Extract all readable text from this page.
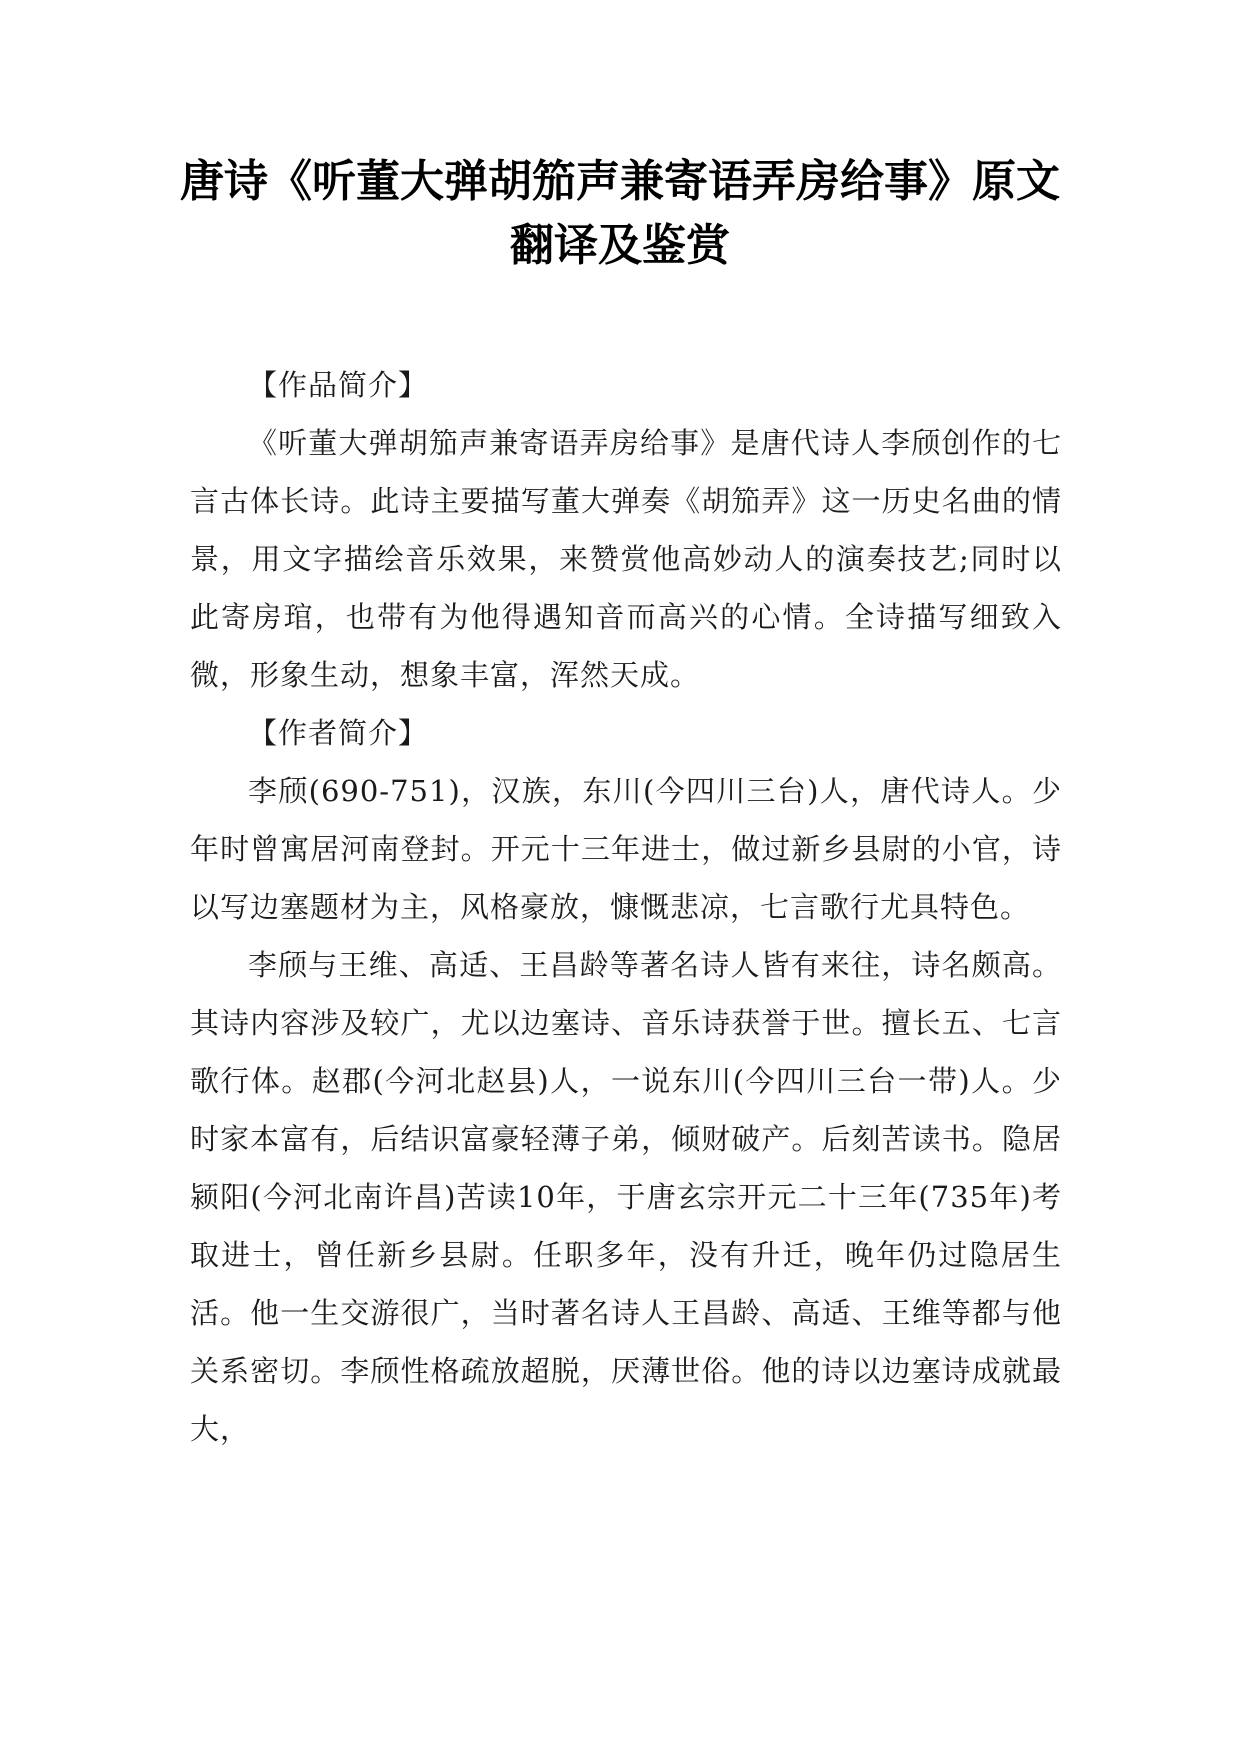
唐诗《听董大弹胡笳声兼寄语弄房给事》原文翻译及鉴赏

【作品简介】

《听董大弹胡笳声兼寄语弄房给事》是唐代诗人李颀创作的七言古体长诗。此诗主要描写董大弹奏《胡笳弄》这一历史名曲的情景，用文字描绘音乐效果，来赞赏他高妙动人的演奏技艺;同时以此寄房琯，也带有为他得遇知音而高兴的心情。全诗描写细致入微，形象生动，想象丰富，浑然天成。

【作者简介】

李颀(690-751)，汉族，东川(今四川三台)人，唐代诗人。少年时曾寓居河南登封。开元十三年进士，做过新乡县尉的小官，诗以写边塞题材为主，风格豪放，慷慨悲凉，七言歌行尤具特色。

李颀与王维、高适、王昌龄等著名诗人皆有来往，诗名颇高。其诗内容涉及较广，尤以边塞诗、音乐诗获誉于世。擅长五、七言歌行体。赵郡(今河北赵县)人，一说东川(今四川三台一带)人。少时家本富有，后结识富豪轻薄子弟，倾财破产。后刻苦读书。隐居颍阳(今河北南许昌)苦读10年，于唐玄宗开元二十三年(735年)考取进士，曾任新乡县尉。任职多年，没有升迁，晚年仍过隐居生活。他一生交游很广，当时著名诗人王昌龄、高适、王维等都与他关系密切。李颀性格疏放超脱，厌薄世俗。他的诗以边塞诗成就最大，
